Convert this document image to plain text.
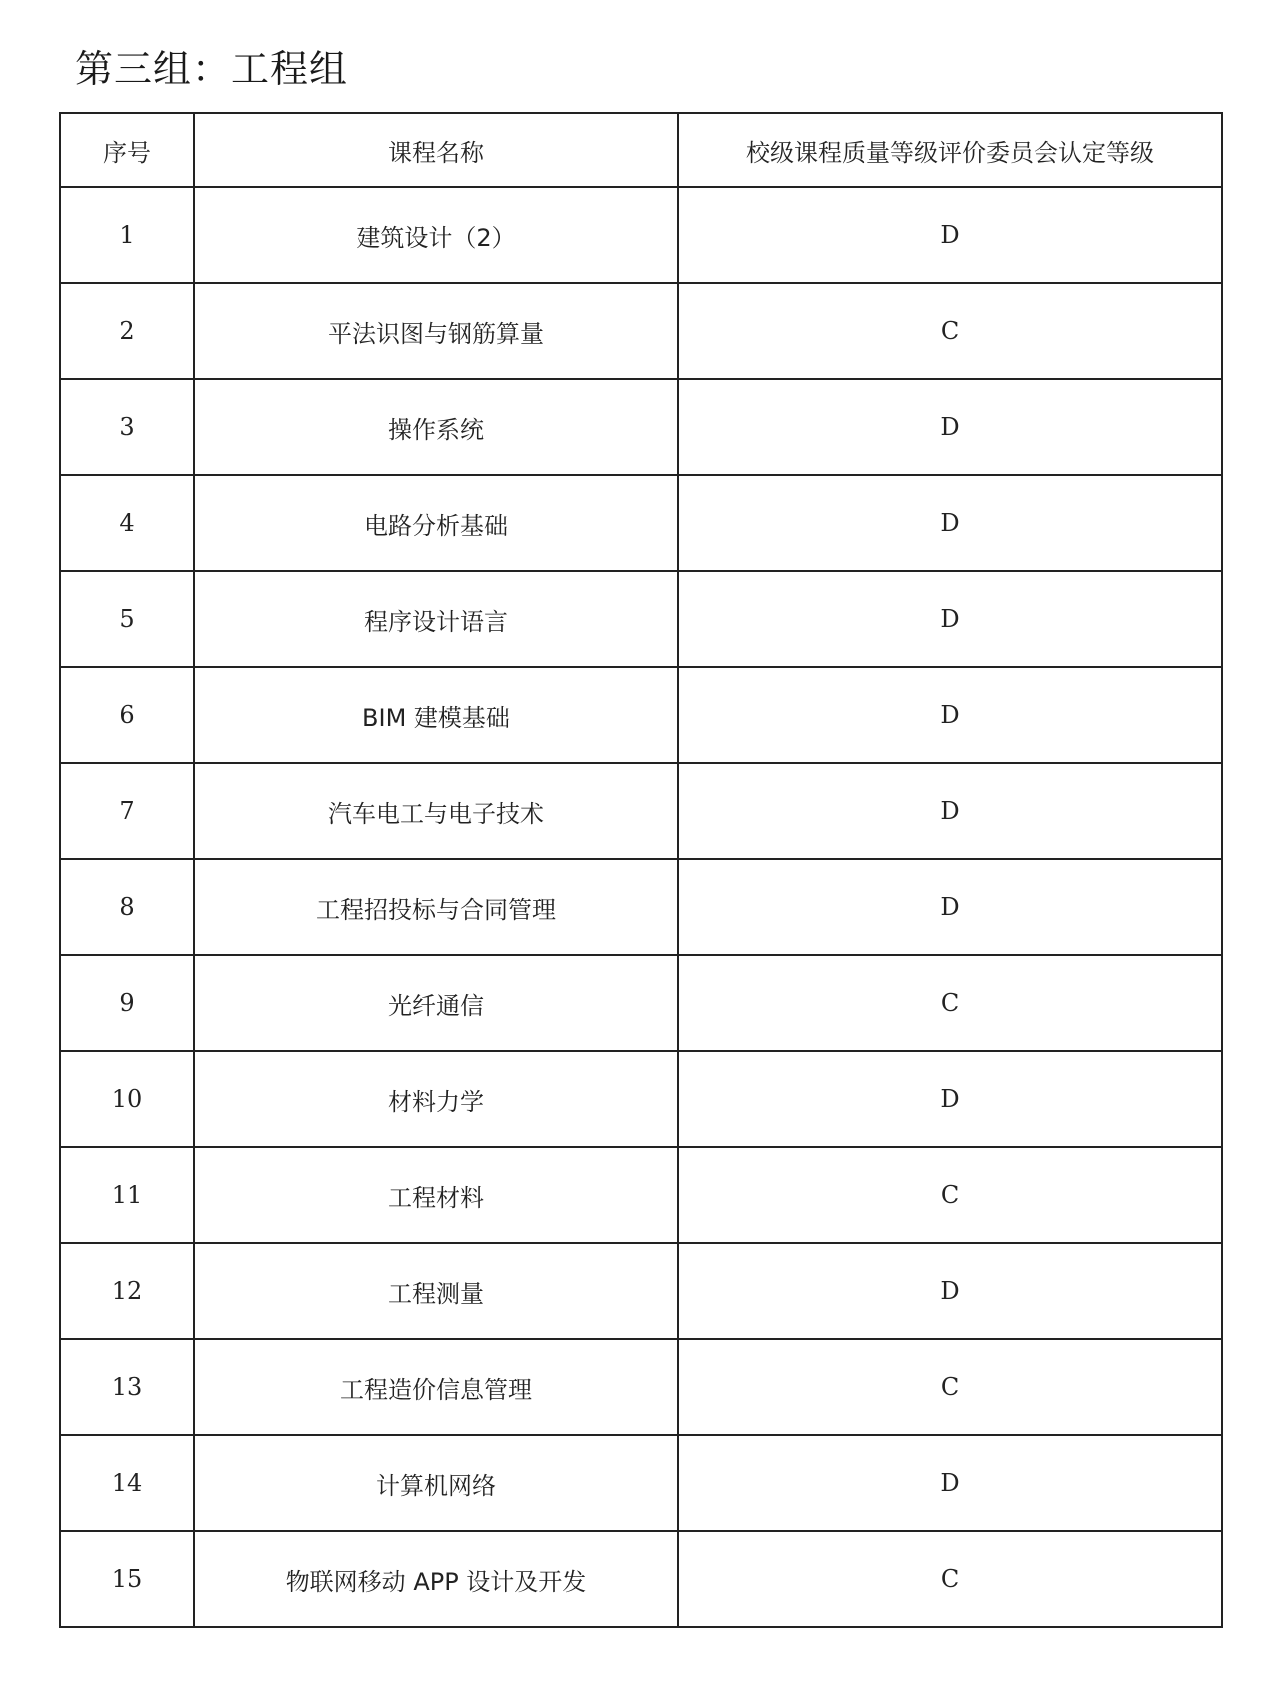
第三组：工程组
序号	课程名称	校级课程质量等级评价委员会认定等级
1	建筑设计（2）	D
2	平法识图与钢筋算量	C
3	操作系统	D
4	电路分析基础	D
5	程序设计语言	D
6	BIM 建模基础	D
7	汽车电工与电子技术	D
8	工程招投标与合同管理	D
9	光纤通信	C
10	材料力学	D
11	工程材料	C
12	工程测量	D
13	工程造价信息管理	C
14	计算机网络	D
15	物联网移动 APP 设计及开发	C
